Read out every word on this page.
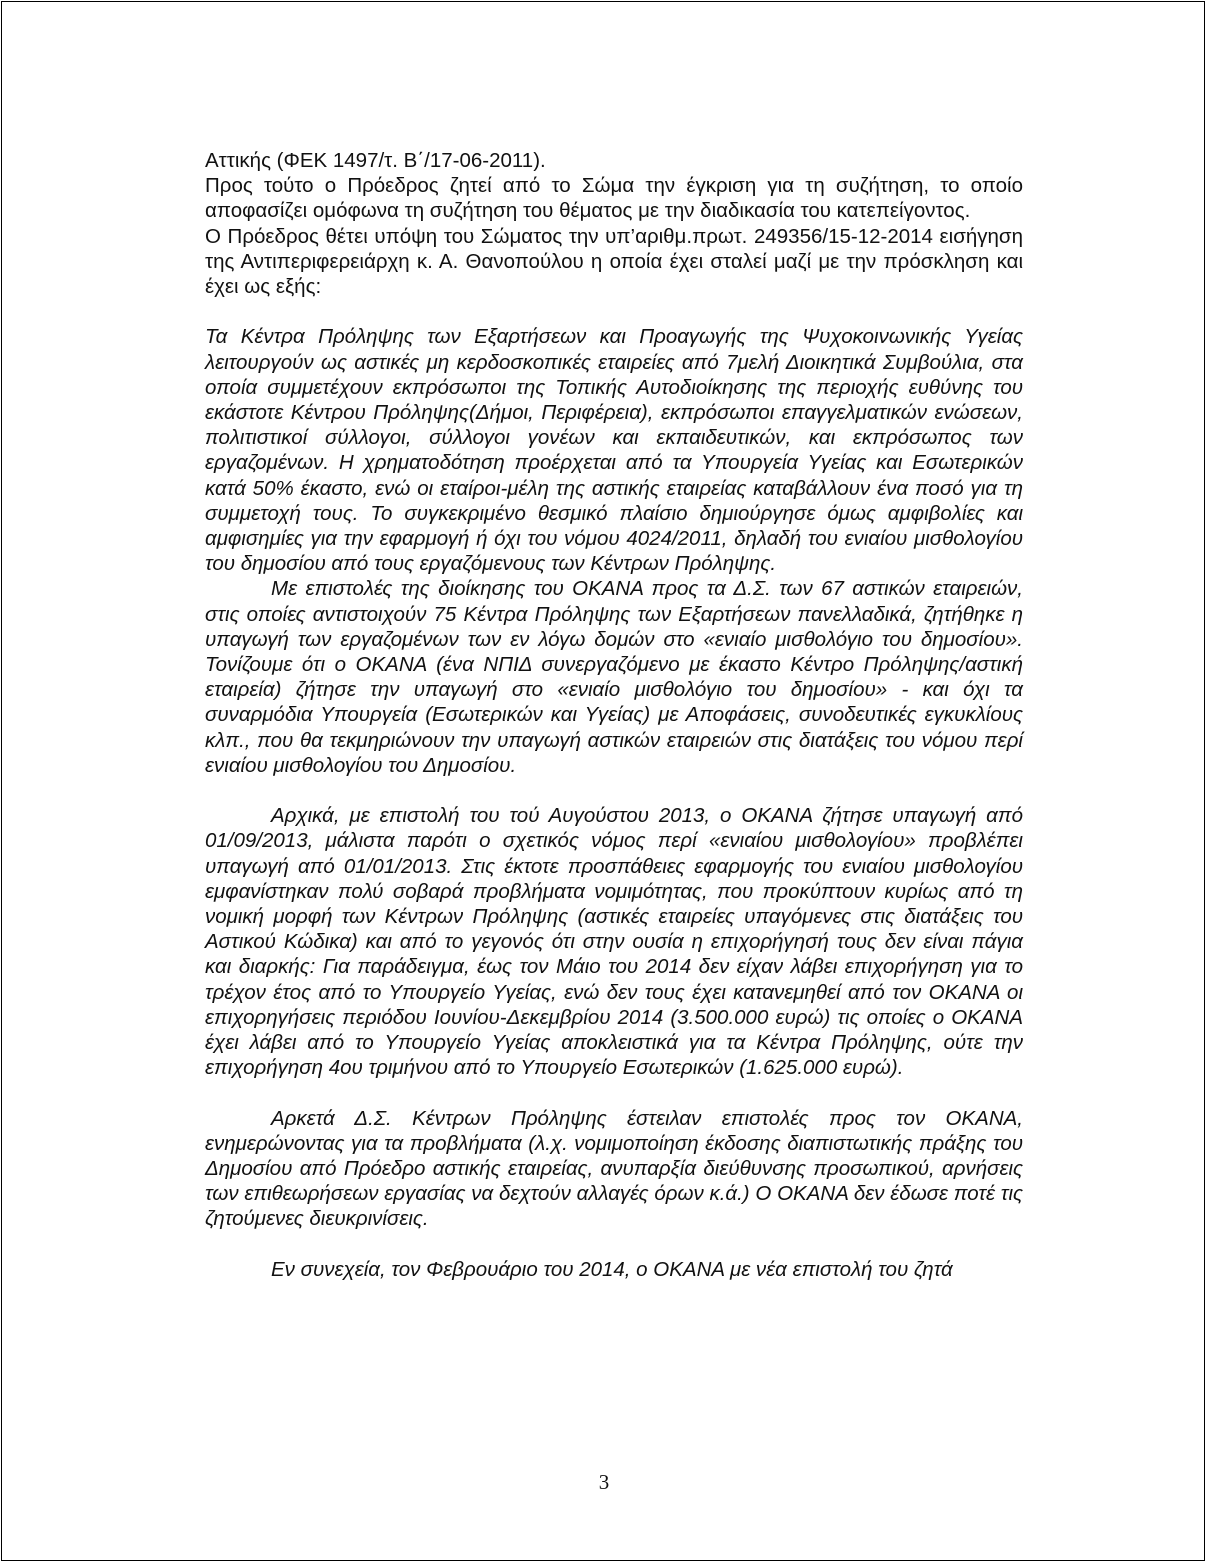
Αττικής (ΦΕΚ 1497/τ. Β΄/17-06-2011).

Προς τούτο ο Πρόεδρος ζητεί από το Σώμα την έγκριση για τη συζήτηση, το οποίο αποφασίζει ομόφωνα τη συζήτηση του θέματος με την διαδικασία του κατεπείγοντος.

Ο Πρόεδρος θέτει υπόψη του Σώματος την υπ’αριθμ.πρωτ. 249356/15-12-2014 εισήγηση της Αντιπεριφερειάρχη κ. Α. Θανοπούλου η οποία έχει σταλεί μαζί με την πρόσκληση και έχει ως εξής:

Τα Κέντρα Πρόληψης των Εξαρτήσεων και Προαγωγής της Ψυχοκοινωνικής Υγείας λειτουργούν ως αστικές μη κερδοσκοπικές εταιρείες από 7μελή Διοικητικά Συμβούλια, στα οποία συμμετέχουν εκπρόσωποι της Τοπικής Αυτοδιοίκησης της περιοχής ευθύνης του εκάστοτε Κέντρου Πρόληψης(Δήμοι, Περιφέρεια), εκπρόσωποι επαγγελματικών ενώσεων, πολιτιστικοί σύλλογοι, σύλλογοι γονέων και εκπαιδευτικών, και εκπρόσωπος των εργαζομένων. Η χρηματοδότηση προέρχεται από τα Υπουργεία Υγείας και Εσωτερικών κατά 50% έκαστο, ενώ οι εταίροι-μέλη της αστικής εταιρείας καταβάλλουν ένα ποσό για τη συμμετοχή τους. Το συγκεκριμένο θεσμικό πλαίσιο δημιούργησε όμως αμφιβολίες και αμφισημίες για την εφαρμογή ή όχι του νόμου 4024/2011, δηλαδή του ενιαίου μισθολογίου του δημοσίου από τους εργαζόμενους των Κέντρων Πρόληψης.

Με επιστολές της διοίκησης του ΟΚΑΝΑ προς τα Δ.Σ. των 67 αστικών εταιρειών, στις οποίες αντιστοιχούν 75 Κέντρα Πρόληψης των Εξαρτήσεων πανελλαδικά, ζητήθηκε η υπαγωγή των εργαζομένων των εν λόγω δομών στο «ενιαίο μισθολόγιο του δημοσίου». Τονίζουμε ότι ο ΟΚΑΝΑ (ένα ΝΠΙΔ συνεργαζόμενο με έκαστο Κέντρο Πρόληψης/αστική εταιρεία) ζήτησε την υπαγωγή στο «ενιαίο μισθολόγιο του δημοσίου» - και όχι τα συναρμόδια Υπουργεία (Εσωτερικών και Υγείας) με Αποφάσεις, συνοδευτικές εγκυκλίους κλπ., που θα τεκμηριώνουν την υπαγωγή αστικών εταιρειών στις διατάξεις του νόμου περί ενιαίου μισθολογίου του Δημοσίου.

Αρχικά, με επιστολή του τού Αυγούστου 2013, ο ΟΚΑΝΑ ζήτησε υπαγωγή από 01/09/2013, μάλιστα παρότι ο σχετικός νόμος περί «ενιαίου μισθολογίου» προβλέπει υπαγωγή από 01/01/2013. Στις έκτοτε προσπάθειες εφαρμογής του ενιαίου μισθολογίου εμφανίστηκαν πολύ σοβαρά προβλήματα νομιμότητας, που προκύπτουν κυρίως από τη νομική μορφή των Κέντρων Πρόληψης (αστικές εταιρείες υπαγόμενες στις διατάξεις του Αστικού Κώδικα) και από το γεγονός ότι στην ουσία η επιχορήγησή τους δεν είναι πάγια και διαρκής: Για παράδειγμα, έως τον Μάιο του 2014 δεν είχαν λάβει επιχορήγηση για το τρέχον έτος από το Υπουργείο Υγείας, ενώ δεν τους έχει κατανεμηθεί από τον ΟΚΑΝΑ οι επιχορηγήσεις περιόδου Ιουνίου-Δεκεμβρίου 2014 (3.500.000 ευρώ) τις οποίες ο ΟΚΑΝΑ έχει λάβει από το Υπουργείο Υγείας αποκλειστικά για τα Κέντρα Πρόληψης, ούτε την επιχορήγηση 4ου τριμήνου από το Υπουργείο Εσωτερικών (1.625.000 ευρώ).

Αρκετά Δ.Σ. Κέντρων Πρόληψης έστειλαν επιστολές προς τον ΟΚΑΝΑ, ενημερώνοντας για τα προβλήματα (λ.χ. νομιμοποίηση έκδοσης διαπιστωτικής πράξης του Δημοσίου από Πρόεδρο αστικής εταιρείας, ανυπαρξία διεύθυνσης προσωπικού, αρνήσεις των επιθεωρήσεων εργασίας να δεχτούν αλλαγές όρων κ.ά.) Ο ΟΚΑΝΑ δεν έδωσε ποτέ τις ζητούμενες διευκρινίσεις.

Εν συνεχεία, τον Φεβρουάριο του 2014, ο ΟΚΑΝΑ με νέα επιστολή του ζητά

3
